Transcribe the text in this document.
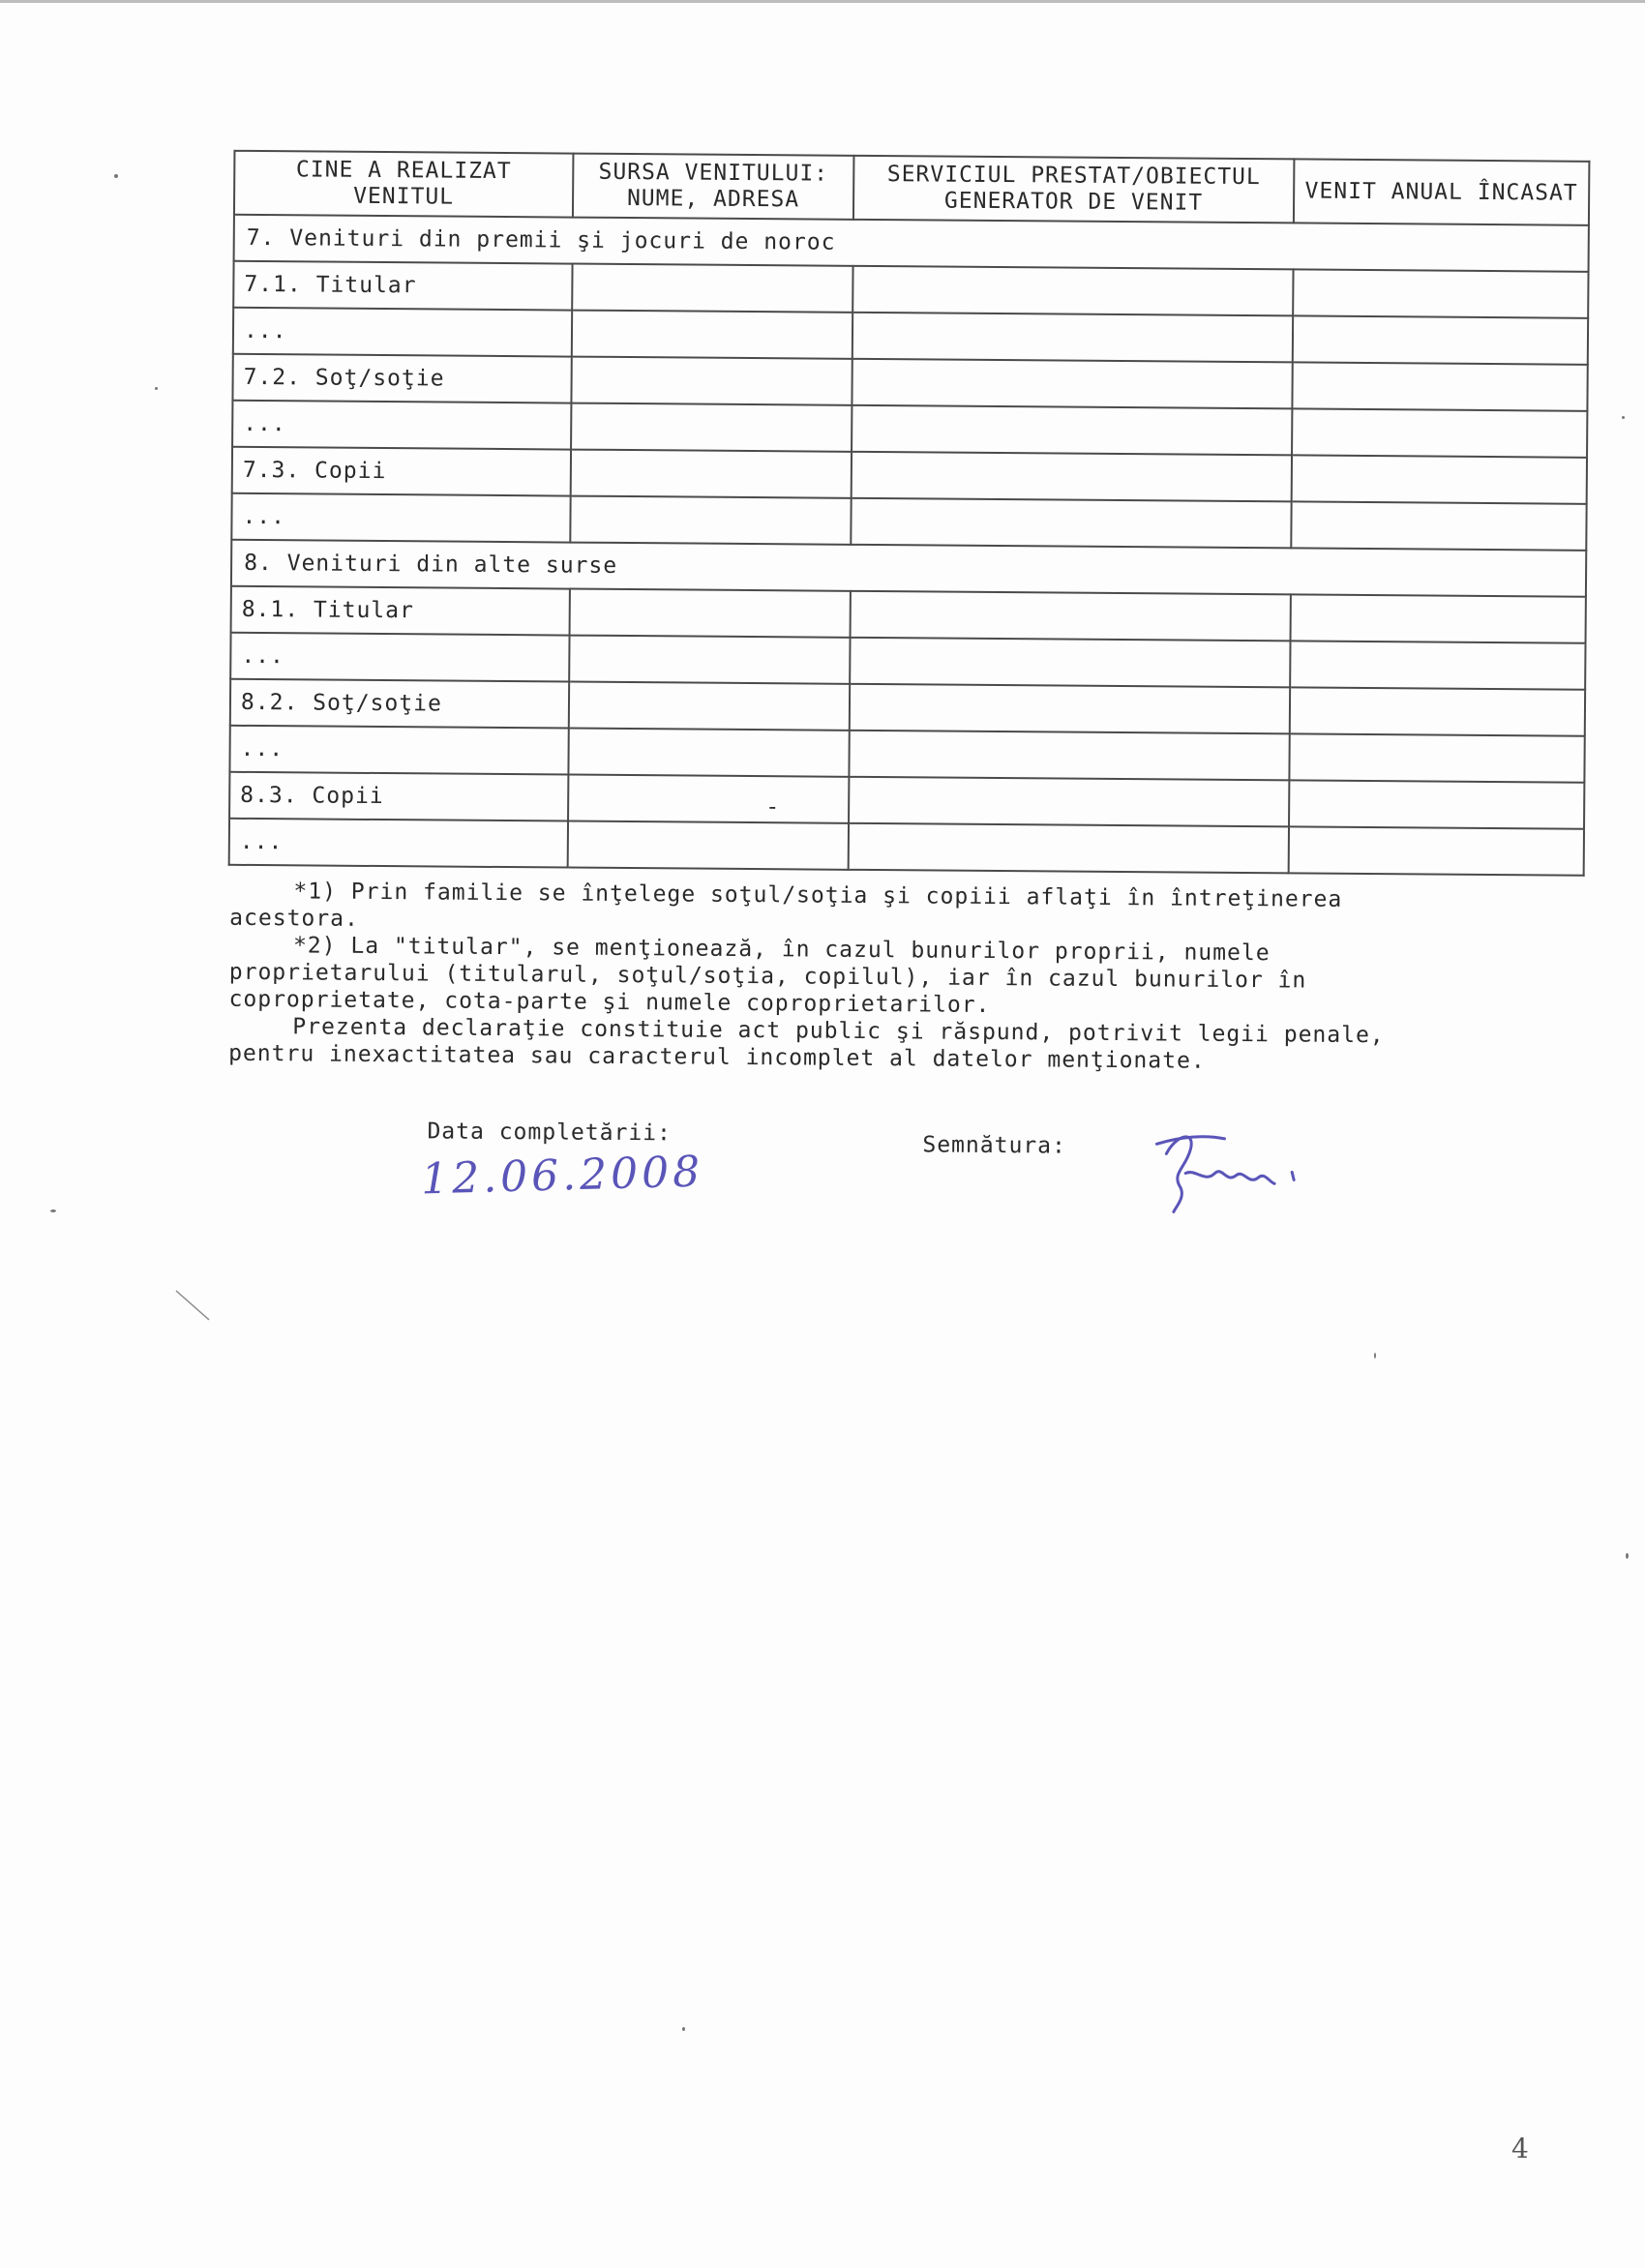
CINE A REALIZAT VENITUL	SURSA VENITULUI: NUME, ADRESA	SERVICIUL PRESTAT/OBIECTUL GENERATOR DE VENIT	VENIT ANUAL ÎNCASAT
7. Venituri din premii şi jocuri de noroc			
7.1. Titular			
...			
7.2. Soţ/soţie			
...			
7.3. Copii			
...			
8. Venituri din alte surse			
8.1. Titular			
...			
8.2. Soţ/soţie			
...			
8.3. Copii	-		
...			

*1) Prin familie se înţelege soţul/soţia şi copiii aflaţi în întreţinerea

acestora.

*2) La "titular", se menţionează, în cazul bunurilor proprii, numele

proprietarului (titularul, soţul/soţia, copilul), iar în cazul bunurilor în

coproprietate, cota-parte şi numele coproprietarilor.

Prezenta declaraţie constituie act public şi răspund, potrivit legii penale,

pentru inexactitatea sau caracterul incomplet al datelor menţionate.

Data completării:
12.06.2008
Semnătura:
4
